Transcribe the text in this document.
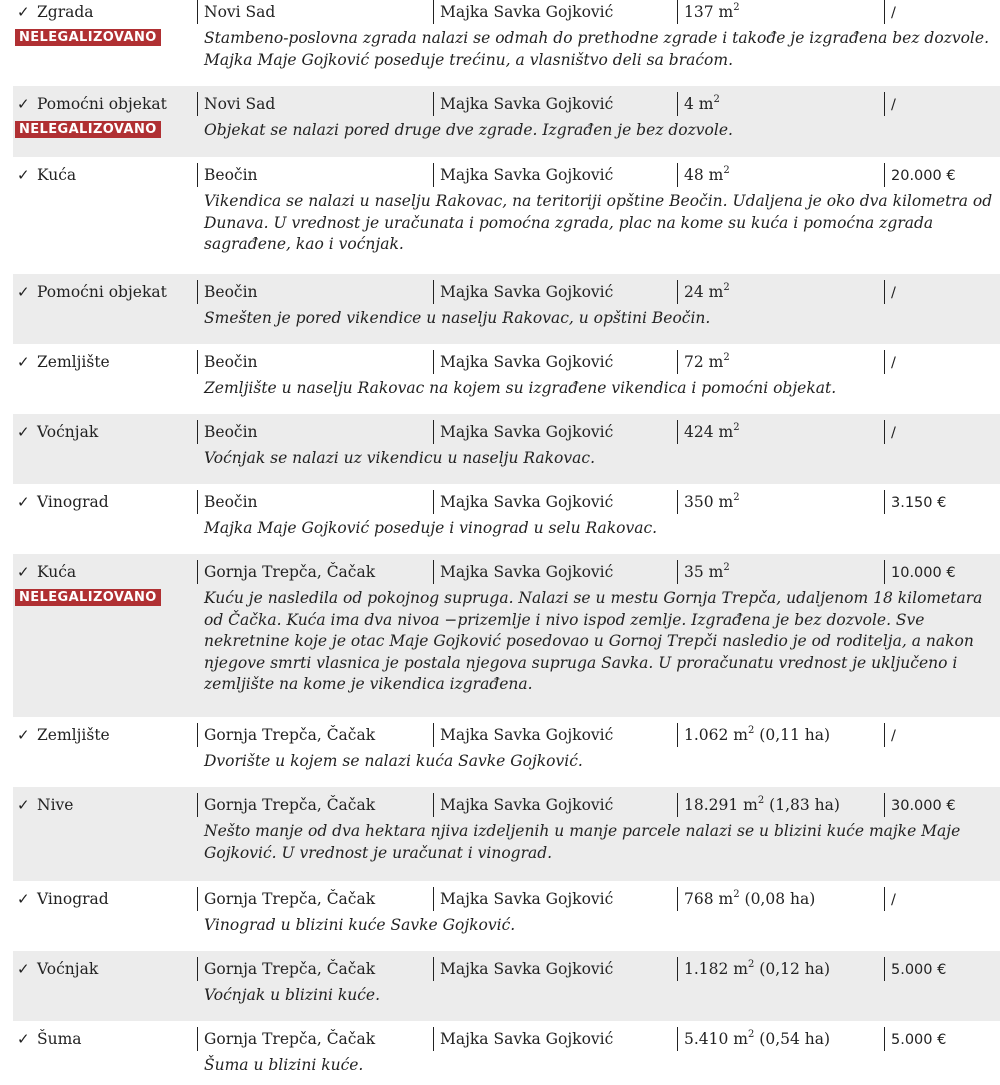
✓ Zgrada	Novi Sad	Majka Savka Gojković	137 $m^2$	/
NELEGALIZOVANO	Stambeno-poslovna zgrada nalazi se odmah do prethodne zgrade i takođe je izgrađena bez dozvole. Majka Maje Gojković poseduje trećinu, a vlasništvo deli sa braćom.
✓ Pomoćni objekat	Novi Sad	Majka Savka Gojković	4 $m^2$	/
NELEGALIZOVANO	Objekat se nalazi pored druge dve zgrade. Izgrađen je bez dozvole.
✓ Kuća	Beočin	Majka Savka Gojković	48 $m^2$	20.000 €
Vikendica se nalazi u naselju Rakovac, na teritoriji opštine Beočin. Udaljena je oko dva kilometra od Dunava. U vrednost je uračunata i pomoćna zgrada, plac na kome su kuća i pomoćna zgrada sagrađene, kao i voćnjak.
✓ Pomoćni objekat	Beočin	Majka Savka Gojković	24 $m^2$	/
Smešten je pored vikendice u naselju Rakovac, u opštini Beočin.
✓ Zemljište	Beočin	Majka Savka Gojković	72 $m^2$	/
Zemljište u naselju Rakovac na kojem su izgrađene vikendica i pomoćni objekat.
✓ Voćnjak	Beočin	Majka Savka Gojković	424 $m^2$	/
Voćnjak se nalazi uz vikendicu u naselju Rakovac.
✓ Vinograd	Beočin	Majka Savka Gojković	350 $m^2$	3.150 €
Majka Maje Gojković poseduje i vinograd u selu Rakovac.
✓ Kuća	Gornja Trepča, Čačak	Majka Savka Gojković	35 $m^2$	10.000 €
NELEGALIZOVANO	Kuću je nasledila od pokojnog supruga. Nalazi se u mestu Gornja Trepča, udaljenom 18 kilometara od Čačka. Kuća ima dva nivoa −prizemlje i nivo ispod zemlje. Izgrađena je bez dozvole. Sve nekretnine koje je otac Maje Gojković posedovao u Gornoj Trepči nasledio je od roditelja, a nakon njegove smrti vlasnica je postala njegova supruga Savka. U proračunatu vrednost je uključeno i zemljište na kome je vikendica izgrađena.
✓ Zemljište	Gornja Trepča, Čačak	Majka Savka Gojković	1.062 $m^2$ (0,11 ha)	/
Dvorište u kojem se nalazi kuća Savke Gojković.
✓ Nive	Gornja Trepča, Čačak	Majka Savka Gojković	18.291 $m^2$ (1,83 ha)	30.000 €
Nešto manje od dva hektara njiva izdeljenih u manje parcele nalazi se u blizini kuće majke Maje Gojković. U vrednost je uračunat i vinograd.
✓ Vinograd	Gornja Trepča, Čačak	Majka Savka Gojković	768 $m^2$ (0,08 ha)	/
Vinograd u blizini kuće Savke Gojković.
✓ Voćnjak	Gornja Trepča, Čačak	Majka Savka Gojković	1.182 $m^2$ (0,12 ha)	5.000 €
Voćnjak u blizini kuće.
✓ Šuma	Gornja Trepča, Čačak	Majka Savka Gojković	5.410 $m^2$ (0,54 ha)	5.000 €
Šuma u blizini kuće.
